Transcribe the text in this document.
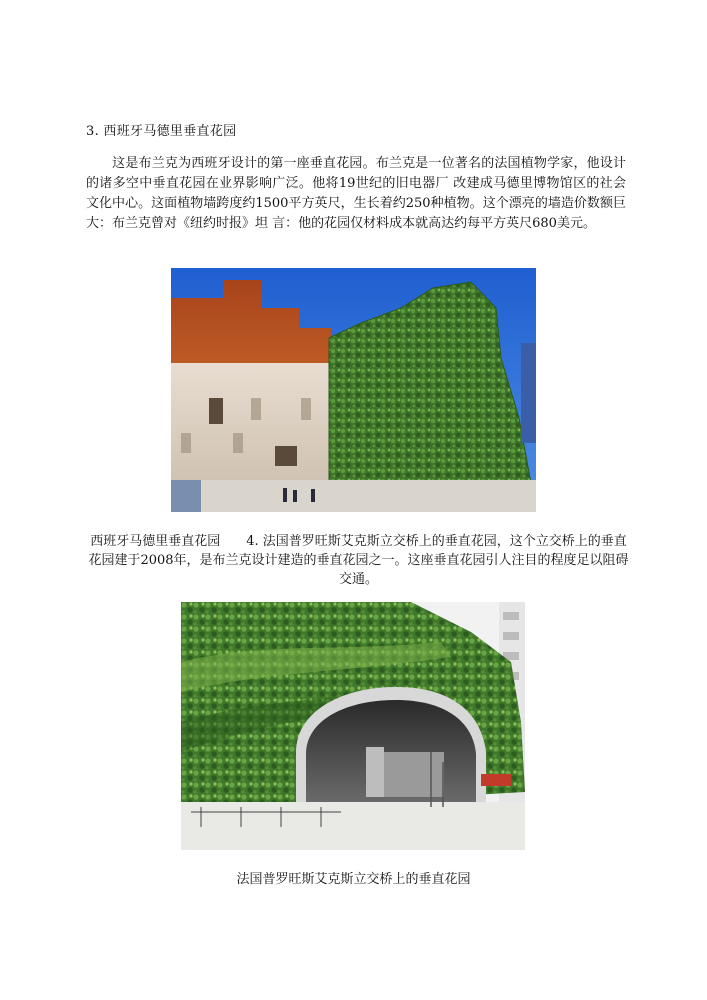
3. 西班牙马德里垂直花园
这是布兰克为西班牙设计的第一座垂直花园。布兰克是一位著名的法国植物学家，他设计的诸多空中垂直花园在业界影响广泛。他将19世纪的旧电器厂 改建成马德里博物馆区的社会文化中心。这面植物墙跨度约1500平方英尺，生长着约250种植物。这个漂亮的墙造价数额巨大：布兰克曾对《纽约时报》坦 言：他的花园仅材料成本就高达约每平方英尺680美元。
西班牙马德里垂直花园 4. 法国普罗旺斯艾克斯立交桥上的垂直花园，这个立交桥上的垂直花园建于2008年，是布兰克设计建造的垂直花园之一。这座垂直花园引人注目的程度足以阻碍交通。
法国普罗旺斯艾克斯立交桥上的垂直花园
